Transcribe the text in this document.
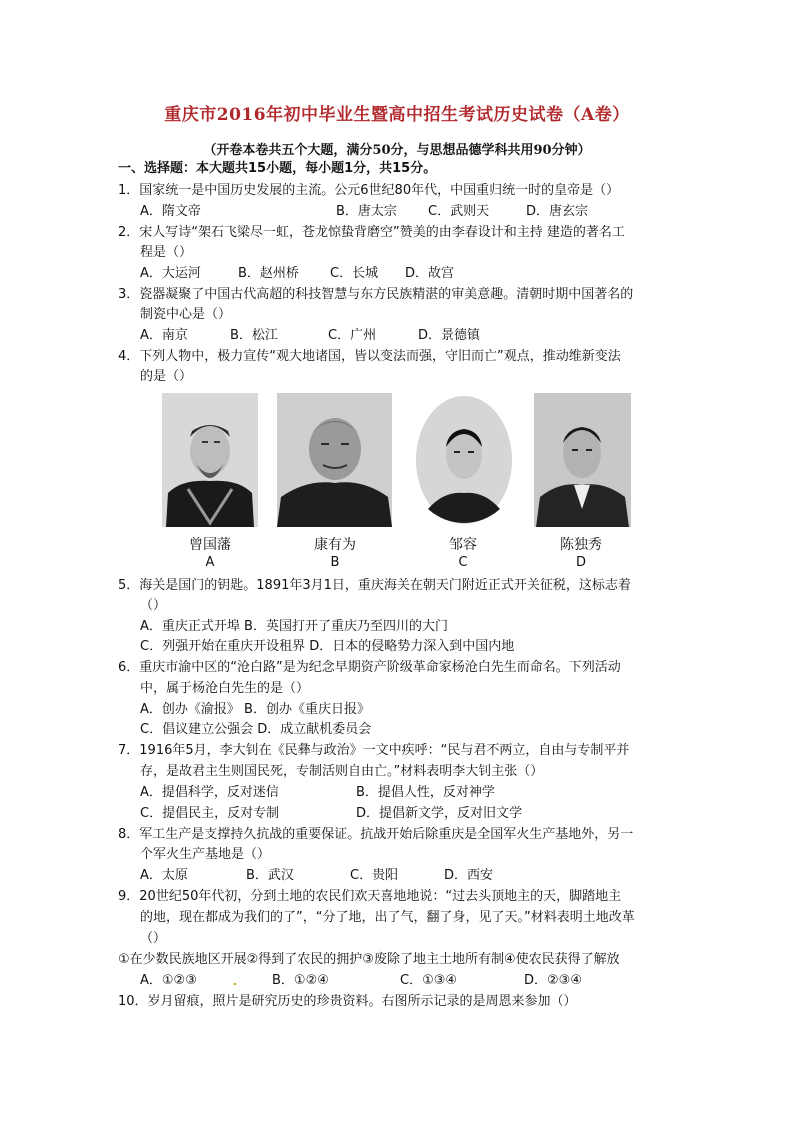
重庆市2016年初中毕业生暨高中招生考试历史试卷（A卷）
（开卷本卷共五个大题，满分50分，与思想品德学科共用90分钟）
一、选择题：本大题共15小题，每小题1分，共15分。
1．国家统一是中国历史发展的主流。公元6世纪80年代，中国重归统一时的皇帝是（）
A．隋文帝	B．唐太宗 C．武则天	D．唐玄宗
2．宋人写诗“架石飞梁尽一虹，苍龙惊蛰背磨空”赞美的由李春设计和主持 建造的著名工
程是（）
A．大运河	B．赵州桥 C．长城 D．故宫
3．瓷器凝聚了中国古代高超的科技智慧与东方民族精湛的审美意趣。清朝时期中国著名的
制瓷中心是（）
A．南京	B．松江	C．广州	D．景德镇
4．下列人物中，极力宣传“观大地诸国，皆以变法而强，守旧而亡”观点，推动维新变法
的是（）
曾国藩	康有为	邹容	陈独秀
A	B	C	D
5．海关是国门的钥匙。1891年3月1日，重庆海关在朝天门附近正式开关征税，这标志着
（）
A．重庆正式开埠 B．英国打开了重庆乃至四川的大门
C．列强开始在重庆开设租界 D．日本的侵略势力深入到中国内地
6．重庆市渝中区的“沧白路”是为纪念早期资产阶级革命家杨沧白先生而命名。下列活动
中，属于杨沧白先生的是（）
A．创办《渝报》 B．创办《重庆日报》
C．倡议建立公强会 D．成立献机委员会
7．1916年5月，李大钊在《民彝与政治》一文中疾呼：“民与君不两立，自由与专制平并
存，是故君主生则国民死，专制活则自由亡。”材料表明李大钊主张（）
A．提倡科学，反对迷信	B．提倡人性，反对神学
C．提倡民主，反对专制	D．提倡新文学，反对旧文学
8．军工生产是支撑持久抗战的重要保证。抗战开始后除重庆是全国军火生产基地外，另一
个军火生产基地是（）
A．太原	B．武汉	C．贵阳	D．西安
9．20世纪50年代初，分到土地的农民们欢天喜地地说：“过去头顶地主的天，脚踏地主
的地，现在都成为我们的了”，“分了地，出了气，翻了身，见了天。”材料表明土地改革
（）
①在少数民族地区开展②得到了农民的拥护③废除了地主土地所有制④使农民获得了解放
A．①②③	B．①②④	C．①③④	D．②③④
10．岁月留痕，照片是研究历史的珍贵资料。右图所示记录的是周恩来参加（）
